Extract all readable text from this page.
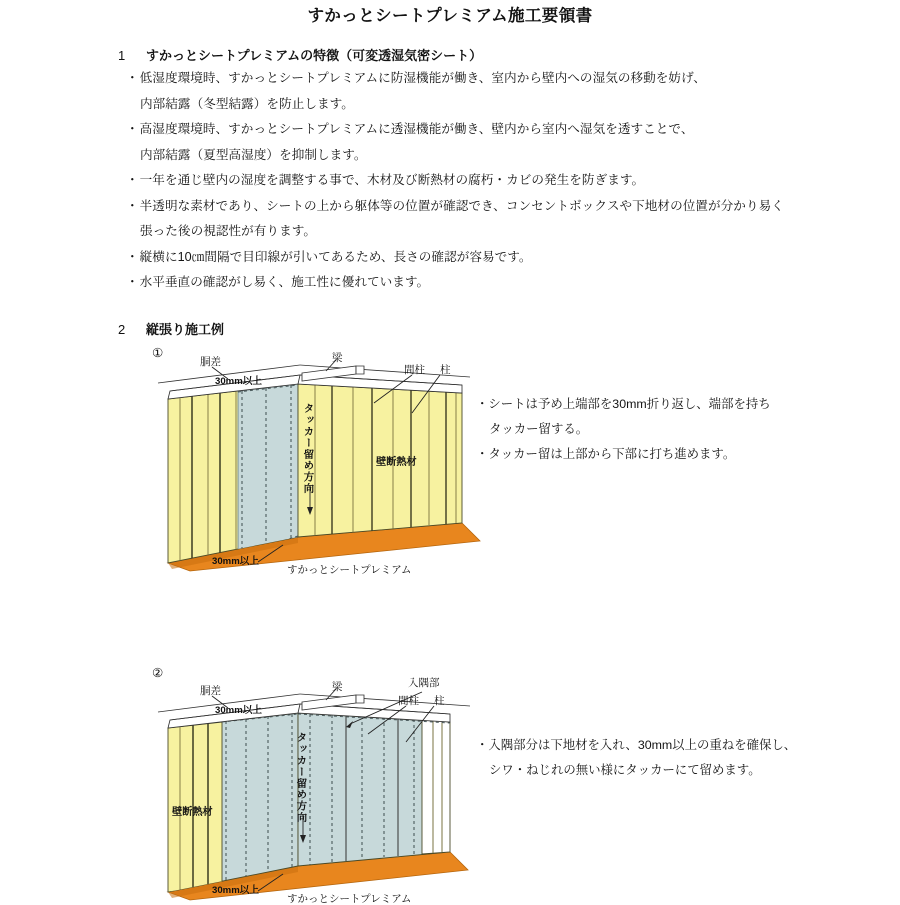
すかっとシートプレミアム施工要領書
1 すかっとシートプレミアムの特徴（可変透湿気密シート）
・低湿度環境時、すかっとシートプレミアムに防湿機能が働き、室内から壁内への湿気の移動を妨げ、
内部結露（冬型結露）を防止します。
・高湿度環境時、すかっとシートプレミアムに透湿機能が働き、壁内から室内へ湿気を透すことで、
内部結露（夏型高湿度）を抑制します。
・一年を通じ壁内の湿度を調整する事で、木材及び断熱材の腐朽・カビの発生を防ぎます。
・半透明な素材であり、シートの上から躯体等の位置が確認でき、コンセントボックスや下地材の位置が分かり易く
張った後の視認性が有ります。
・縦横に10㎝間隔で目印線が引いてあるため、長さの確認が容易です。
・水平垂直の確認がし易く、施工性に優れています。
2 縦張り施工例
①
胴差	梁
間柱 柱
30mm以上
30mm以上
壁断熱材
すかっとシートプレミアム
タッカー留め方向	・シートは予め上端部を30mm折り返し、端部を持ち
タッカー留する。
・タッカー留は上部から下部に打ち進めます。
②
胴差	梁	入隅部
間柱 柱
30mm以上
30mm以上
壁断熱材
すかっとシートプレミアム
タッカー留め方向	・入隅部分は下地材を入れ、30mm以上の重ねを確保し、
シワ・ねじれの無い様にタッカーにて留めます。
